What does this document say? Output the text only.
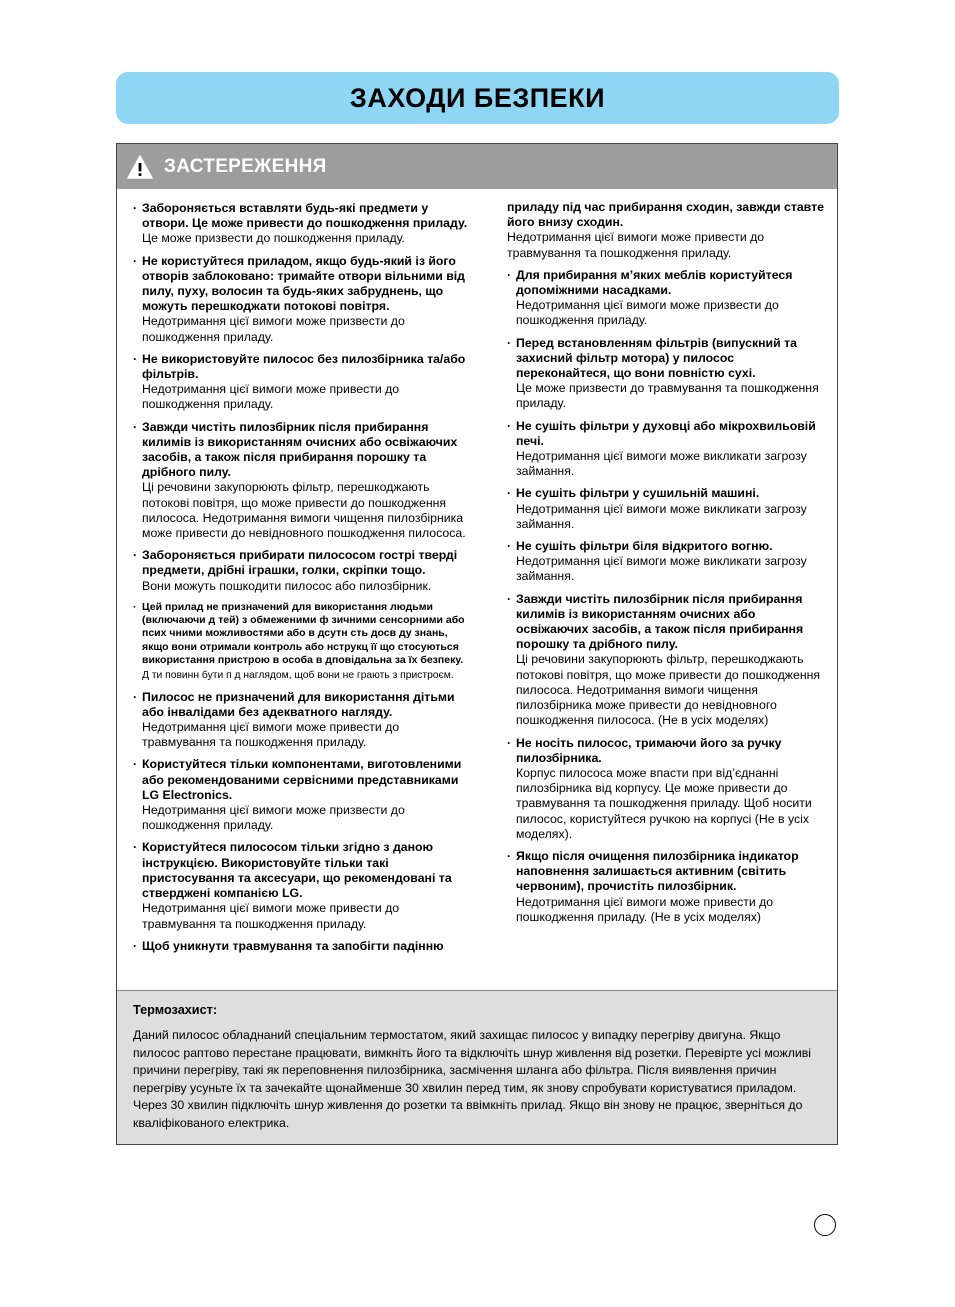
ЗАХОДИ БЕЗПЕКИ
ЗАСТЕРЕЖЕННЯ
· Забороняється вставляти будь-які предмети у отвори. Це може привести до пошкодження приладу.
Це може призвести до пошкодження приладу.
· Не користуйтеся приладом, якщо будь-який із його отворів заблоковано: тримайте отвори вільними від пилу, пуху, волосин та будь-яких забруднень, що можуть перешкоджати потокові повітря.
Недотримання цієї вимоги може призвести до пошкодження приладу.
· Не використовуйте пилосос без пилозбірника та/або фільтрів.
Недотримання цієї вимоги може привести до пошкодження приладу.
· Завжди чистіть пилозбірник після прибирання килимів із використанням очисних або освіжаючих засобів, а також після прибирання порошку та дрібного пилу.
Ці речовини закупорюють фільтр, перешкоджають потокові повітря, що може привести до пошкодження пилососа. Недотримання вимоги чищення пилозбірника може привести до невідновного пошкодження пилососа.
· Забороняється прибирати пилососом гострі тверді предмети, дрібні іграшки, голки, скріпки тощо.
Вони можуть пошкодити пилосос або пилозбірник.
· Цей прилад не призначений для використання людьми (включаючи д тей) з обмеженими ф зичними сенсорними або псих чними можливостями або в дсутн сть досв ду знань, якщо вони отримали контроль або нструкц її що стосуються використання пристрою в особа в дповідальна за їх безпеку.
Д ти повинн бути п д наглядом, щоб вони не грають з пристроєм.
· Пилосос не призначений для використання дітьми або інвалідами без адекватного нагляду.
Недотримання цієї вимоги може привести до травмування та пошкодження приладу.
· Користуйтеся тільки компонентами, виготовленими або рекомендованими сервісними представниками LG Electronics.
Недотримання цієї вимоги може призвести до пошкодження приладу.
· Користуйтеся пилососом тільки згідно з даною інструкцією. Використовуйте тільки такі пристосування та аксесуари, що рекомендовані та стверджені компанією LG.
Недотримання цієї вимоги може привести до травмування та пошкодження приладу.
· Щоб уникнути травмування та запобігти падінню
приладу під час прибирання сходин, завжди ставте його внизу сходин.
Недотримання цієї вимоги може привести до травмування та пошкодження приладу.
· Для прибирання м’яких меблів користуйтеся допоміжними насадками.
Недотримання цієї вимоги може призвести до пошкодження приладу.
· Перед встановленням фільтрів (випускний та захисний фільтр мотора) у пилосос переконайтеся, що вони повністю сухі.
Це може призвести до травмування та пошкодження приладу.
· Не сушіть фільтри у духовці або мікрохвильовій печі.
Недотримання цієї вимоги може викликати загрозу займання.
· Не сушіть фільтри у сушильній машині.
Недотримання цієї вимоги може викликати загрозу займання.
· Не сушіть фільтри біля відкритого вогню.
Недотримання цієї вимоги може викликати загрозу займання.
· Завжди чистіть пилозбірник після прибирання килимів із використанням очисних або освіжаючих засобів, а також після прибирання порошку та дрібного пилу.
Ці речовини закупорюють фільтр, перешкоджають потокові повітря, що може привести до пошкодження пилососа. Недотримання вимоги чищення пилозбірника може привести до невідновного пошкодження пилососа. (Не в усіх моделях)
· Не носіть пилосос, тримаючи його за ручку пилозбірника.
Корпус пилососа може впасти при від’єднанні пилозбірника від корпусу. Це може привести до травмування та пошкодження приладу. Щоб носити пилосос, користуйтеся ручкою на корпусі (Не в усіх моделях).
· Якщо після очищення пилозбірника індикатор наповнення залишається активним (світить червоним), прочистіть пилозбірник.
Недотримання цієї вимоги може привести до пошкодження приладу. (Не в усіх моделях)
Термозахист:

Даний пилосос обладнаний спеціальним термостатом, який захищає пилосос у випадку перегріву двигуна. Якщо пилосос раптово перестане працювати, вимкніть його та відключіть шнур живлення від розетки. Перевірте усі можливі причини перегріву, такі як переповнення пилозбірника, засмічення шланга або фільтра. Після виявлення причин перегріву усуньте їх та зачекайте щонайменше 30 хвилин перед тим, як знову спробувати користуватися приладом. Через 30 хвилин підключіть шнур живлення до розетки та ввімкніть прилад. Якщо він знову не працює, зверніться до кваліфікованого електрика.
